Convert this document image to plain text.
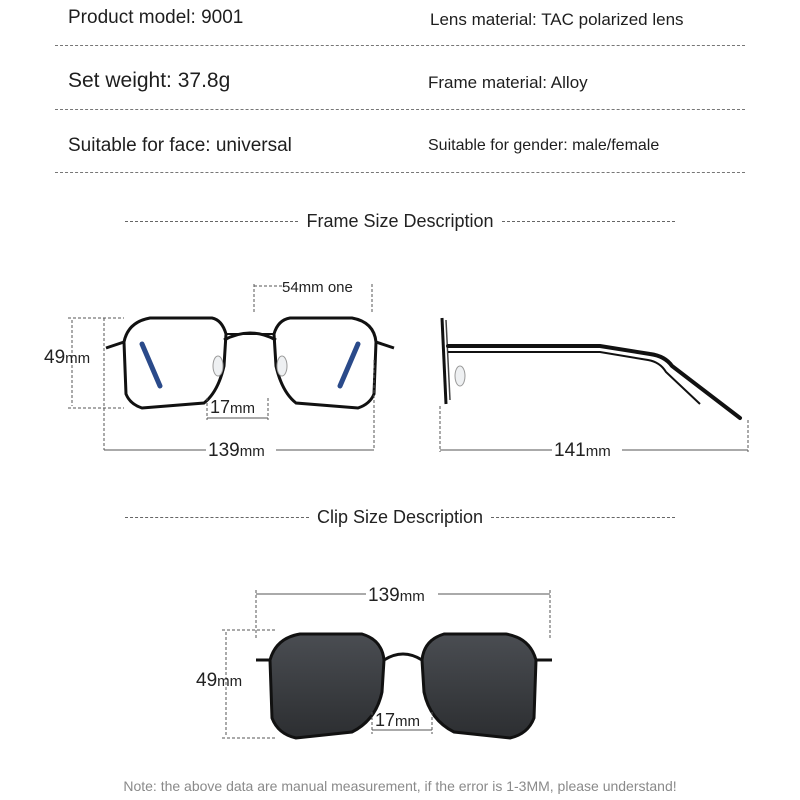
Product model: 9001	Lens material: TAC polarized lens
Set weight: 37.8g	Frame material: Alloy
Suitable for face: universal	Suitable for gender: male/female
Frame Size Description
Clip Size Description
54mm one
49mm
17mm
139mm	141mm
139mm
49mm
17mm
Note: the above data are manual measurement, if the error is 1-3MM, please understand!
